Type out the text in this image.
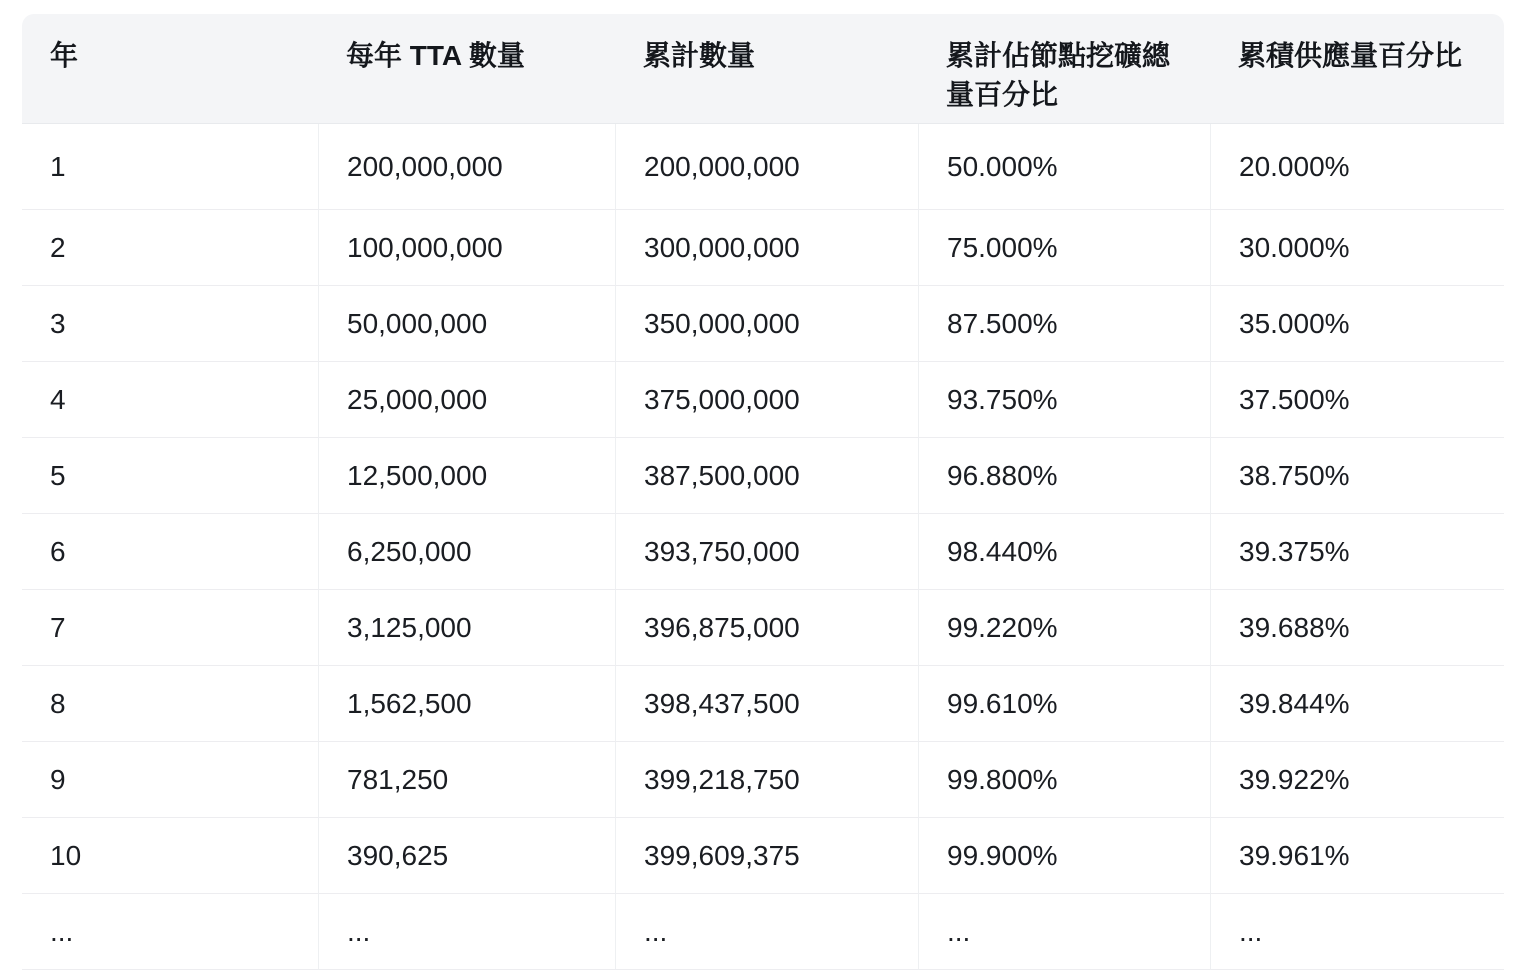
年	每年 TTA 數量	累計數量	累計佔節點挖礦總量百分比	累積供應量百分比
1	200,000,000	200,000,000	50.000%	20.000%
2	100,000,000	300,000,000	75.000%	30.000%
3	50,000,000	350,000,000	87.500%	35.000%
4	25,000,000	375,000,000	93.750%	37.500%
5	12,500,000	387,500,000	96.880%	38.750%
6	6,250,000	393,750,000	98.440%	39.375%
7	3,125,000	396,875,000	99.220%	39.688%
8	1,562,500	398,437,500	99.610%	39.844%
9	781,250	399,218,750	99.800%	39.922%
10	390,625	399,609,375	99.900%	39.961%
...	...	...	...	...
